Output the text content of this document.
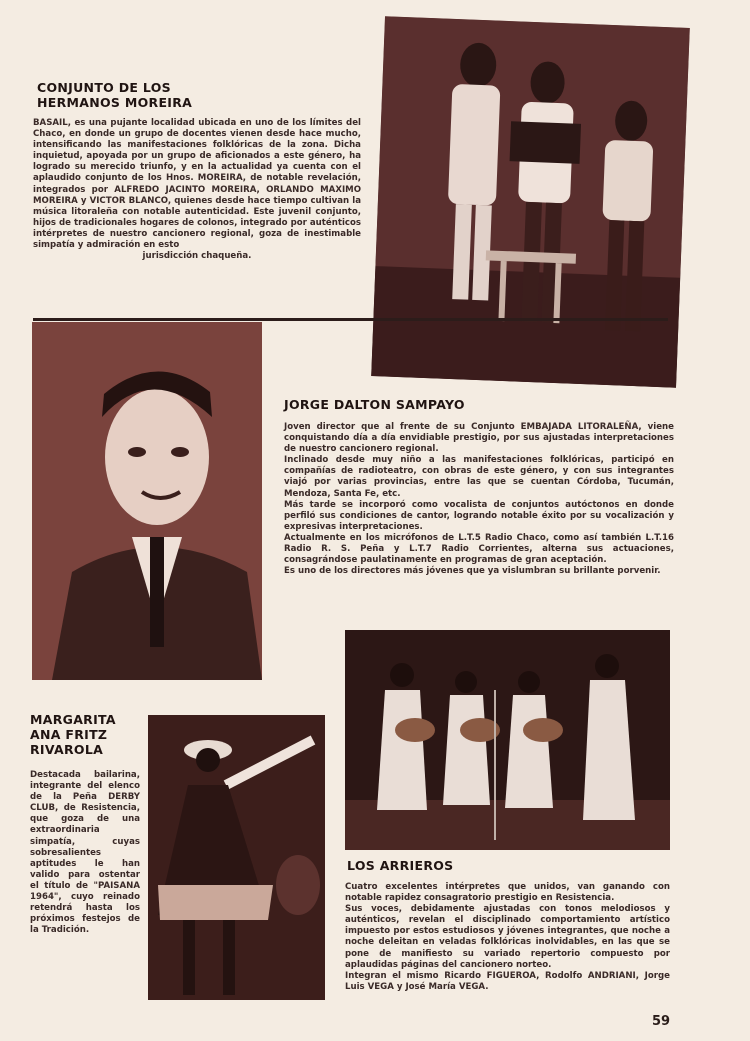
CONJUNTO DE LOS
HERMANOS MOREIRA

BASAIL, es una pujante localidad ubicada en uno de los límites del Chaco, en donde un grupo de docentes vienen desde hace mucho, intensificando las manifestaciones folklóricas de la zona. Dicha inquietud, apoyada por un grupo de aficionados a este género, ha logrado su merecido triunfo, y en la actualidad ya cuenta con el aplaudido conjunto de los Hnos. MOREIRA, de notable revelación, integrados por ALFREDO JACINTO MOREIRA, ORLANDO MAXIMO MOREIRA y VICTOR BLANCO, quienes desde hace tiempo cultivan la música litoraleña con notable autenticidad. Este juvenil conjunto, hijos de tradicionales hogares de colonos, integrado por auténticos intérpretes de nuestro cancionero regional, goza de inestimable simpatía y admiración en esto

jurisdicción chaqueña.

JORGE DALTON SAMPAYO

Joven director que al frente de su Conjunto EMBAJADA LITORALEÑA, viene conquistando día a día envidiable prestigio, por sus ajustadas interpretaciones de nuestro cancionero regional.

Inclinado desde muy niño a las manifestaciones folklóricas, participó en compañías de radioteatro, con obras de este género, y con sus integrantes viajó por varias provincias, entre las que se cuentan Córdoba, Tucumán, Mendoza, Santa Fe, etc.

Más tarde se incorporó como vocalista de conjuntos autóctonos en donde perfiló sus condiciones de cantor, logrando notable éxito por su vocalización y expresivas interpretaciones.

Actualmente en los micrófonos de L.T.5 Radio Chaco, como así también L.T.16 Radio R. S. Peña y L.T.7 Radio Corrientes, alterna sus actuaciones, consagrándose paulatinamente en programas de gran aceptación.

Es uno de los directores más jóvenes que ya vislumbran su brillante porvenir.

MARGARITA
ANA FRITZ
RIVAROLA

Destacada bailarina, integrante del elenco de la Peña DERBY CLUB, de Resistencia, que goza de una extraordinaria simpatía, cuyas sobresalientes aptitudes le han valido para ostentar el título de "PAISANA 1964", cuyo reinado retendrá hasta los próximos festejos de la Tradición.

LOS ARRIEROS

Cuatro excelentes intérpretes que unidos, van ganando con notable rapidez consagratorio prestigio en Resistencia.

Sus voces, debidamente ajustadas con tonos melodiosos y auténticos, revelan el disciplinado comportamiento artístico impuesto por estos estudiosos y jóvenes integrantes, que noche a noche deleitan en veladas folklóricas inolvidables, en las que se pone de manifiesto su variado repertorio compuesto por aplaudidas páginas del cancionero norteo.

Integran el mismo Ricardo FIGUEROA, Rodolfo ANDRIANI, Jorge Luis VEGA y José María VEGA.

59
